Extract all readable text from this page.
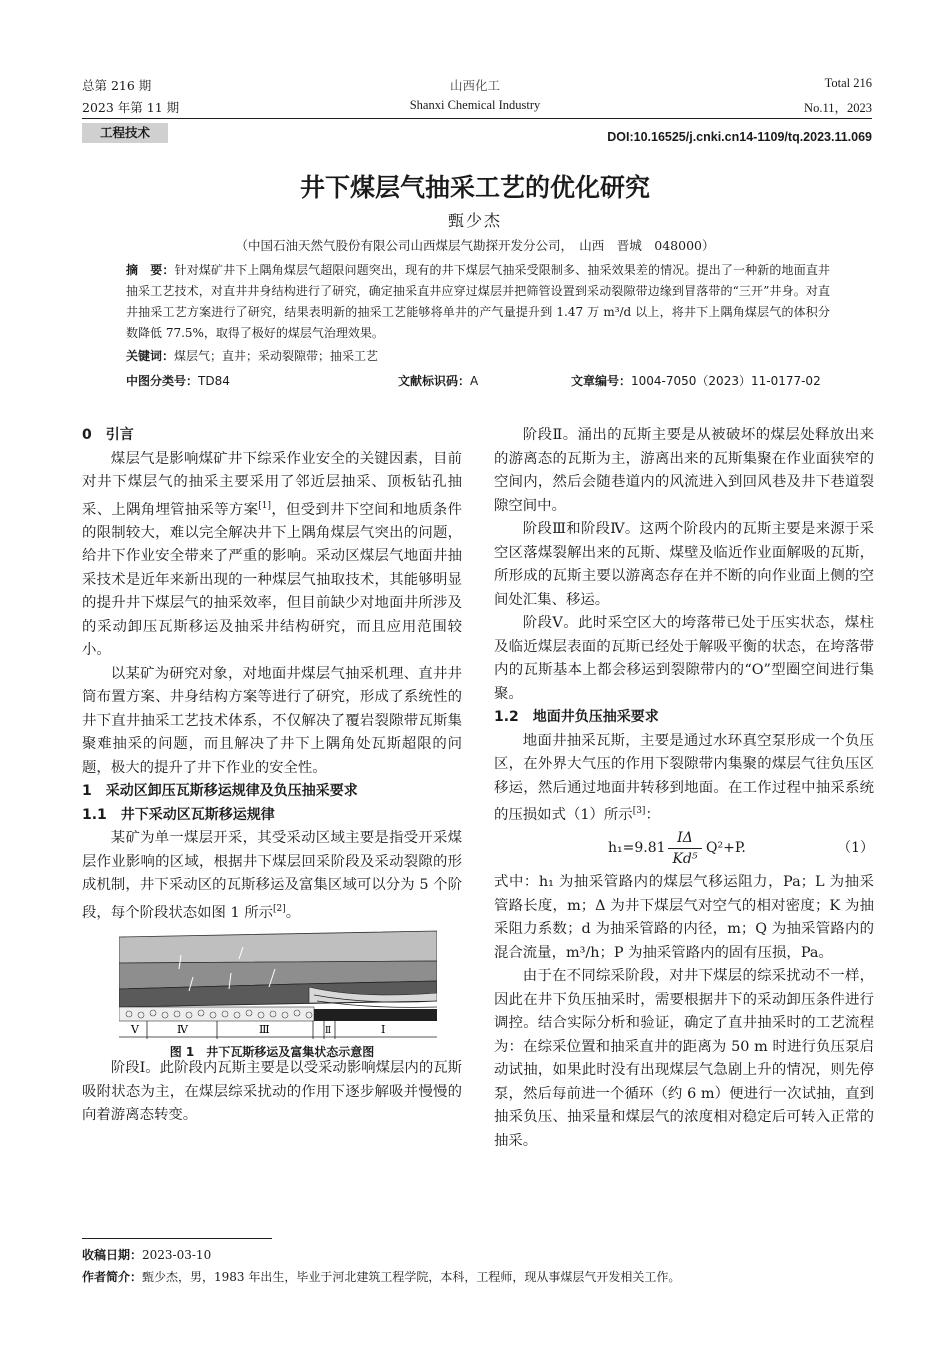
总第 216 期
2023 年第 11 期
山西化工
Shanxi Chemical Industry
Total 216
No.11，2023
工程技术	DOI:10.16525/j.cnki.cn14-1109/tq.2023.11.069
井下煤层气抽采工艺的优化研究
甄少杰
（中国石油天然气股份有限公司山西煤层气勘探开发分公司，　山西　晋城　048000）
摘　要：针对煤矿井下上隅角煤层气超限问题突出，现有的井下煤层气抽采受限制多、抽采效果差的情况。提出了一种新的地面直井抽采工艺技术，对直井井身结构进行了研究，确定抽采直井应穿过煤层并把筛管设置到采动裂隙带边缘到冒落带的“三开”井身。对直井抽采工艺方案进行了研究，结果表明新的抽采工艺能够将单井的产气量提升到 1.47 万 m³/d 以上，将井下上隅角煤层气的体积分数降低 77.5%，取得了极好的煤层气治理效果。
关键词：煤层气；直井；采动裂隙带；抽采工艺
中图分类号：TD84	文献标识码：A	文章编号：1004-7050（2023）11-0177-02
0　引言

煤层气是影响煤矿井下综采作业安全的关键因素，目前对井下煤层气的抽采主要采用了邻近层抽采、顶板钻孔抽采、上隅角埋管抽采等方案[1]，但受到井下空间和地质条件的限制较大，难以完全解决井下上隅角煤层气突出的问题，给井下作业安全带来了严重的影响。采动区煤层气地面井抽采技术是近年来新出现的一种煤层气抽取技术，其能够明显的提升井下煤层气的抽采效率，但目前缺少对地面井所涉及的采动卸压瓦斯移运及抽采井结构研究，而且应用范围较小。

以某矿为研究对象，对地面井煤层气抽采机理、直井井筒布置方案、井身结构方案等进行了研究，形成了系统性的井下直井抽采工艺技术体系，不仅解决了覆岩裂隙带瓦斯集聚难抽采的问题，而且解决了井下上隅角处瓦斯超限的问题，极大的提升了井下作业的安全性。

1　采动区卸压瓦斯移运规律及负压抽采要求
1.1　井下采动区瓦斯移运规律

某矿为单一煤层开采，其受采动区域主要是指受开采煤层作业影响的区域，根据井下煤层回采阶段及采动裂隙的形成机制，井下采动区的瓦斯移运及富集区域可以分为 5 个阶段，每个阶段状态如图 1 所示[2]。

Ⅴ	Ⅳ	Ⅲ	Ⅱ	Ⅰ
图 1　井下瓦斯移运及富集状态示意图

阶段Ⅰ。此阶段内瓦斯主要是以受采动影响煤层内的瓦斯吸附状态为主，在煤层综采扰动的作用下逐步解吸并慢慢的向着游离态转变。

阶段Ⅱ。涌出的瓦斯主要是从被破坏的煤层处释放出来的游离态的瓦斯为主，游离出来的瓦斯集聚在作业面狭窄的空间内，然后会随巷道内的风流进入到回风巷及井下巷道裂隙空间中。

阶段Ⅲ和阶段Ⅳ。这两个阶段内的瓦斯主要是来源于采空区落煤裂解出来的瓦斯、煤壁及临近作业面解吸的瓦斯，所形成的瓦斯主要以游离态存在并不断的向作业面上侧的空间处汇集、移运。

阶段Ⅴ。此时采空区大的垮落带已处于压实状态，煤柱及临近煤层表面的瓦斯已经处于解吸平衡的状态，在垮落带内的瓦斯基本上都会移运到裂隙带内的“O”型圈空间进行集聚。

1.2　地面井负压抽采要求

地面井抽采瓦斯，主要是通过水环真空泵形成一个负压区，在外界大气压的作用下裂隙带内集聚的煤层气往负压区移运，然后通过地面井转移到地面。在工作过程中抽采系统的压损如式（1）所示[3]：

h₁=9.81
IΔ
Kd⁵
Q²+P.	（1）

式中：h₁ 为抽采管路内的煤层气移运阻力，Pa；L 为抽采管路长度，m；Δ 为井下煤层气对空气的相对密度；K 为抽采阻力系数；d 为抽采管路的内径，m；Q 为抽采管路内的混合流量，m³/h；P 为抽采管路内的固有压损，Pa。

由于在不同综采阶段，对井下煤层的综采扰动不一样，因此在井下负压抽采时，需要根据井下的采动卸压条件进行调控。结合实际分析和验证，确定了直井抽采时的工艺流程为：在综采位置和抽采直井的距离为 50 m 时进行负压泵启动试抽，如果此时没有出现煤层气急剧上升的情况，则先停泵，然后每前进一个循环（约 6 m）便进行一次试抽，直到抽采负压、抽采量和煤层气的浓度相对稳定后可转入正常的抽采。

收稿日期：2023-03-10
作者简介：甄少杰，男，1983 年出生，毕业于河北建筑工程学院，本科，工程师，现从事煤层气开发相关工作。
